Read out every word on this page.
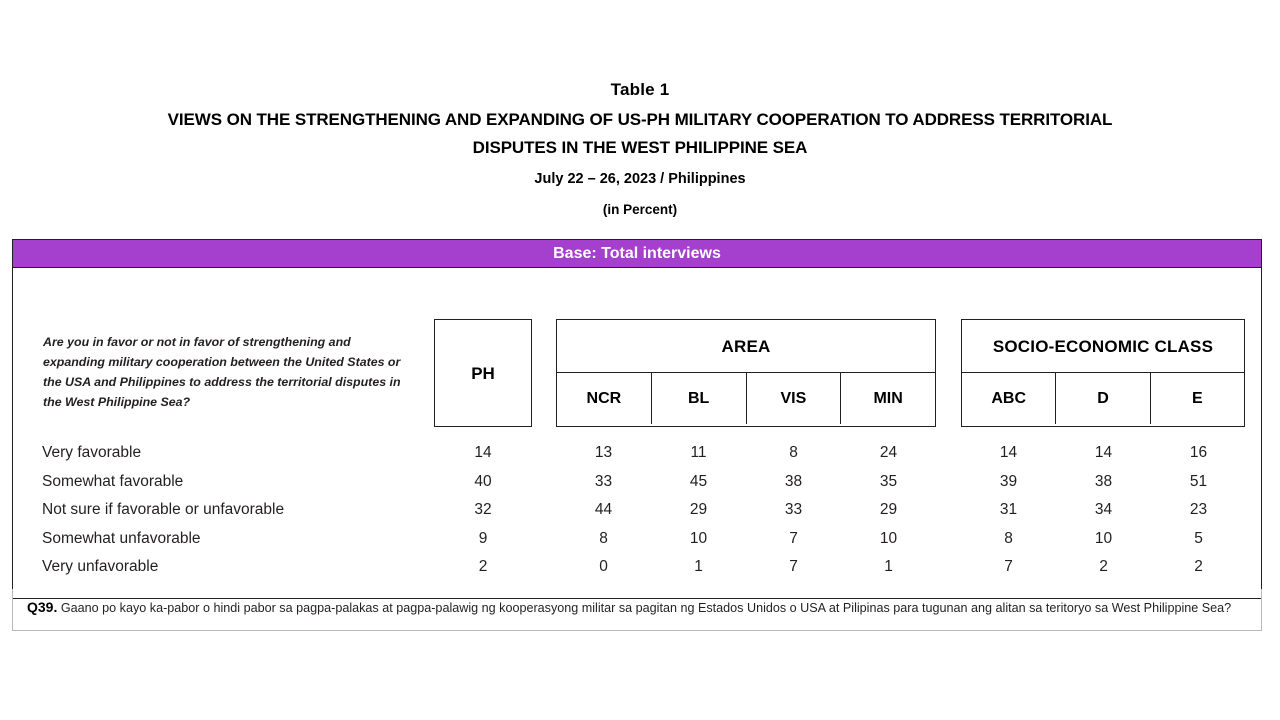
Table 1
VIEWS ON THE STRENGTHENING AND EXPANDING OF US-PH MILITARY COOPERATION TO ADDRESS TERRITORIAL
DISPUTES IN THE WEST PHILIPPINE SEA
July 22 – 26, 2023 / Philippines
(in Percent)
Base: Total interviews
Are you in favor or not in favor of strengthening and expanding military cooperation between the United States or the USA and Philippines to address the territorial disputes in the West Philippine Sea?
PH
AREA
NCR	BL	VIS	MIN
SOCIO-ECONOMIC CLASS
ABC	D	E
Very favorable	14	13	11	8	24	14	14	16
Somewhat favorable	40	33	45	38	35	39	38	51
Not sure if favorable or unfavorable	32	44	29	33	29	31	34	23
Somewhat unfavorable	9	8	10	7	10	8	10	5
Very unfavorable	2	0	1	7	1	7	2	2
Q39. Gaano po kayo ka-pabor o hindi pabor sa pagpa-palakas at pagpa-palawig ng kooperasyong militar sa pagitan ng Estados Unidos o USA at Pilipinas para tugunan ang alitan sa teritoryo sa West Philippine Sea?
